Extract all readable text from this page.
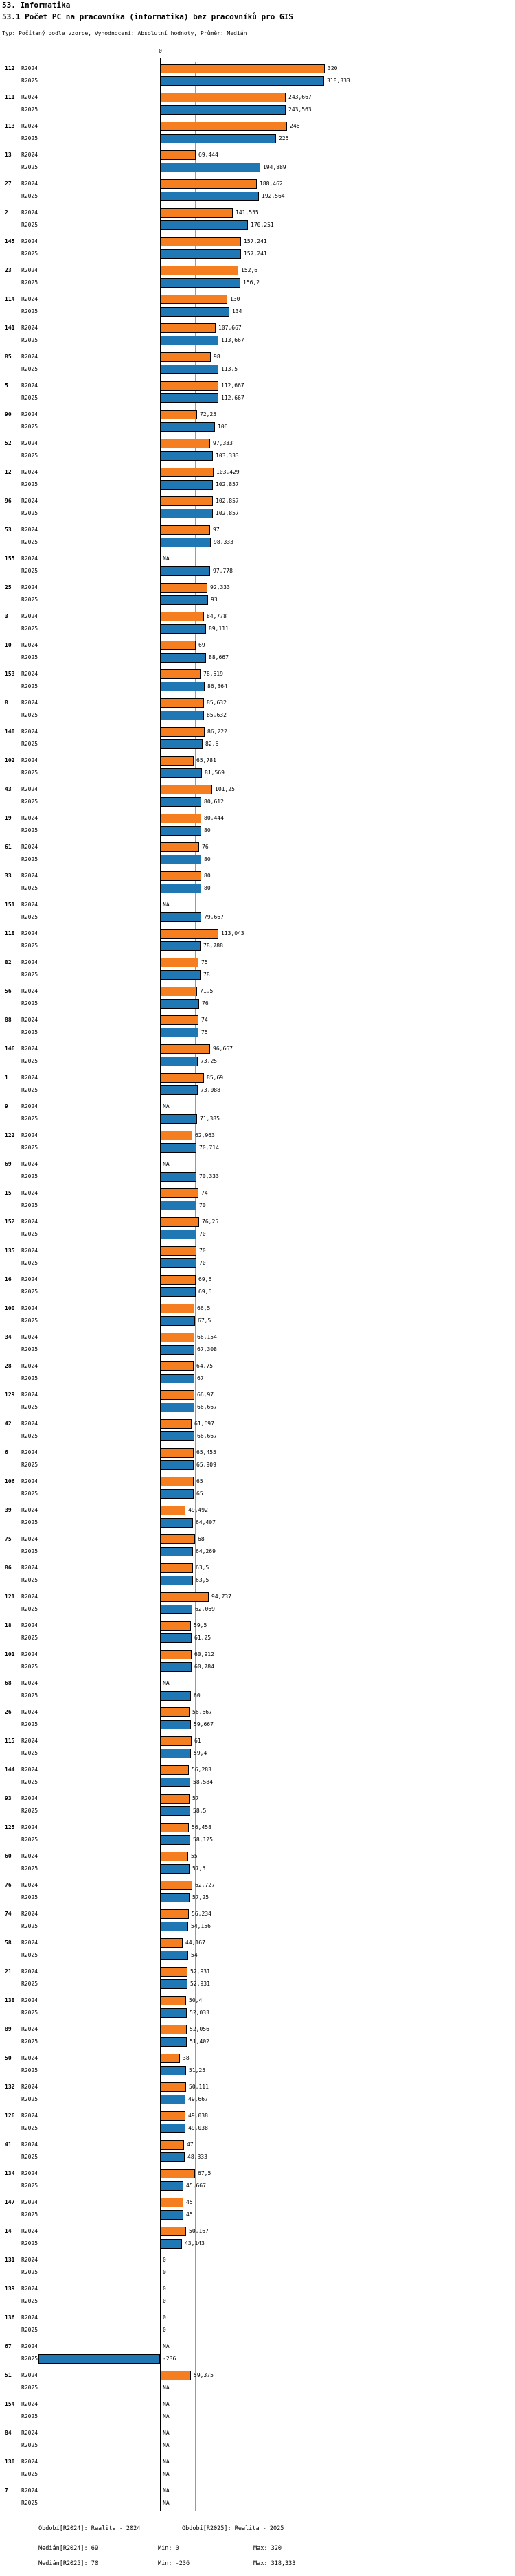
53. Informatika
53.1 Počet PC na pracovníka (informatika) bez pracovníků pro GIS
Typ: Počítaný podle vzorce, Vyhodnocení: Absolutní hodnoty, Průměr: Medián
0
112 R2024	320
R2025	318,333
111 R2024	243,667
R2025	243,563
113 R2024	246
R2025	225
13 R2024	69,444
R2025	194,889
27 R2024	188,462
R2025	192,564
2 R2024	141,555
R2025	170,251
145 R2024	157,241
R2025	157,241
23 R2024	152,6
R2025	156,2
114 R2024	130
R2025	134
141 R2024	107,667
R2025	113,667
85 R2024	98
R2025	113,5
5 R2024	112,667
R2025	112,667
90 R2024	72,25
R2025	106
52 R2024	97,333
R2025	103,333
12 R2024	103,429
R2025	102,857
96 R2024	102,857
R2025	102,857
53 R2024	97
R2025	98,333
155 R2024	NA
R2025	97,778
25 R2024	92,333
R2025	93
3 R2024	84,778
R2025	89,111
10 R2024	69
R2025	88,667
153 R2024	78,519
R2025	86,364
8 R2024	85,632
R2025	85,632
140 R2024	86,222
R2025	82,6
102 R2024	65,781
R2025	81,569
43 R2024	101,25
R2025	80,612
19 R2024	80,444
R2025	80
61 R2024	76
R2025	80
33 R2024	80
R2025	80
151 R2024	NA
R2025	79,667
118 R2024	113,043
R2025	78,788
82 R2024	75
R2025	78
56 R2024	71,5
R2025	76
88 R2024	74
R2025	75
146 R2024	96,667
R2025	73,25
1 R2024	85,69
R2025	73,088
9 R2024	NA
R2025	71,385
122 R2024	62,963
R2025	70,714
69 R2024	NA
R2025	70,333
15 R2024	74
R2025	70
152 R2024	76,25
R2025	70
135 R2024	70
R2025	70
16 R2024	69,6
R2025	69,6
100 R2024	66,5
R2025	67,5
34 R2024	66,154
R2025	67,308
28 R2024	64,75
R2025	67
129 R2024	66,97
R2025	66,667
42 R2024	61,697
R2025	66,667
6 R2024	65,455
R2025	65,909
106 R2024	65
R2025	65
39 R2024	49,492
R2025	64,407
75 R2024	68
R2025	64,269
86 R2024	63,5
R2025	63,5
121 R2024	94,737
R2025	62,069
18 R2024	59,5
R2025	61,25
101 R2024	60,912
R2025	60,784
68 R2024	NA
R2025	60
26 R2024	56,667
R2025	59,667
115 R2024	61
R2025	59,4
144 R2024	56,283
R2025	58,584
93 R2024	57
R2025	58,5
125 R2024	56,458
R2025	58,125
60 R2024	55
R2025	57,5
76 R2024	62,727
R2025	57,25
74 R2024	56,234
R2025	54,156
58 R2024	44,167
R2025	54
21 R2024	52,931
R2025	52,931
138 R2024	50,4
R2025	52,033
89 R2024	52,056
R2025	51,402
50 R2024	38
R2025	51,25
132 R2024	50,111
R2025	49,667
126 R2024	49,038
R2025	49,038
41 R2024	47
R2025	48,333
134 R2024	67,5
R2025	45,667
147 R2024	45
R2025	45
14 R2024	50,167
R2025	43,143
131 R2024	0
R2025	0
139 R2024	0
R2025	0
136 R2024	0
R2025	0
67 R2024	NA
R2025	-236
51 R2024	59,375
R2025	NA
154 R2024	NA
R2025	NA
84 R2024	NA
R2025	NA
130 R2024	NA
R2025	NA
7 R2024	NA
R2025	NA
Období[R2024]: Realita - 2024	Období[R2025]: Realita - 2025
Medián[R2024]: 69	Min: 0	Max: 320
Medián[R2025]: 70	Min: -236	Max: 318,333
